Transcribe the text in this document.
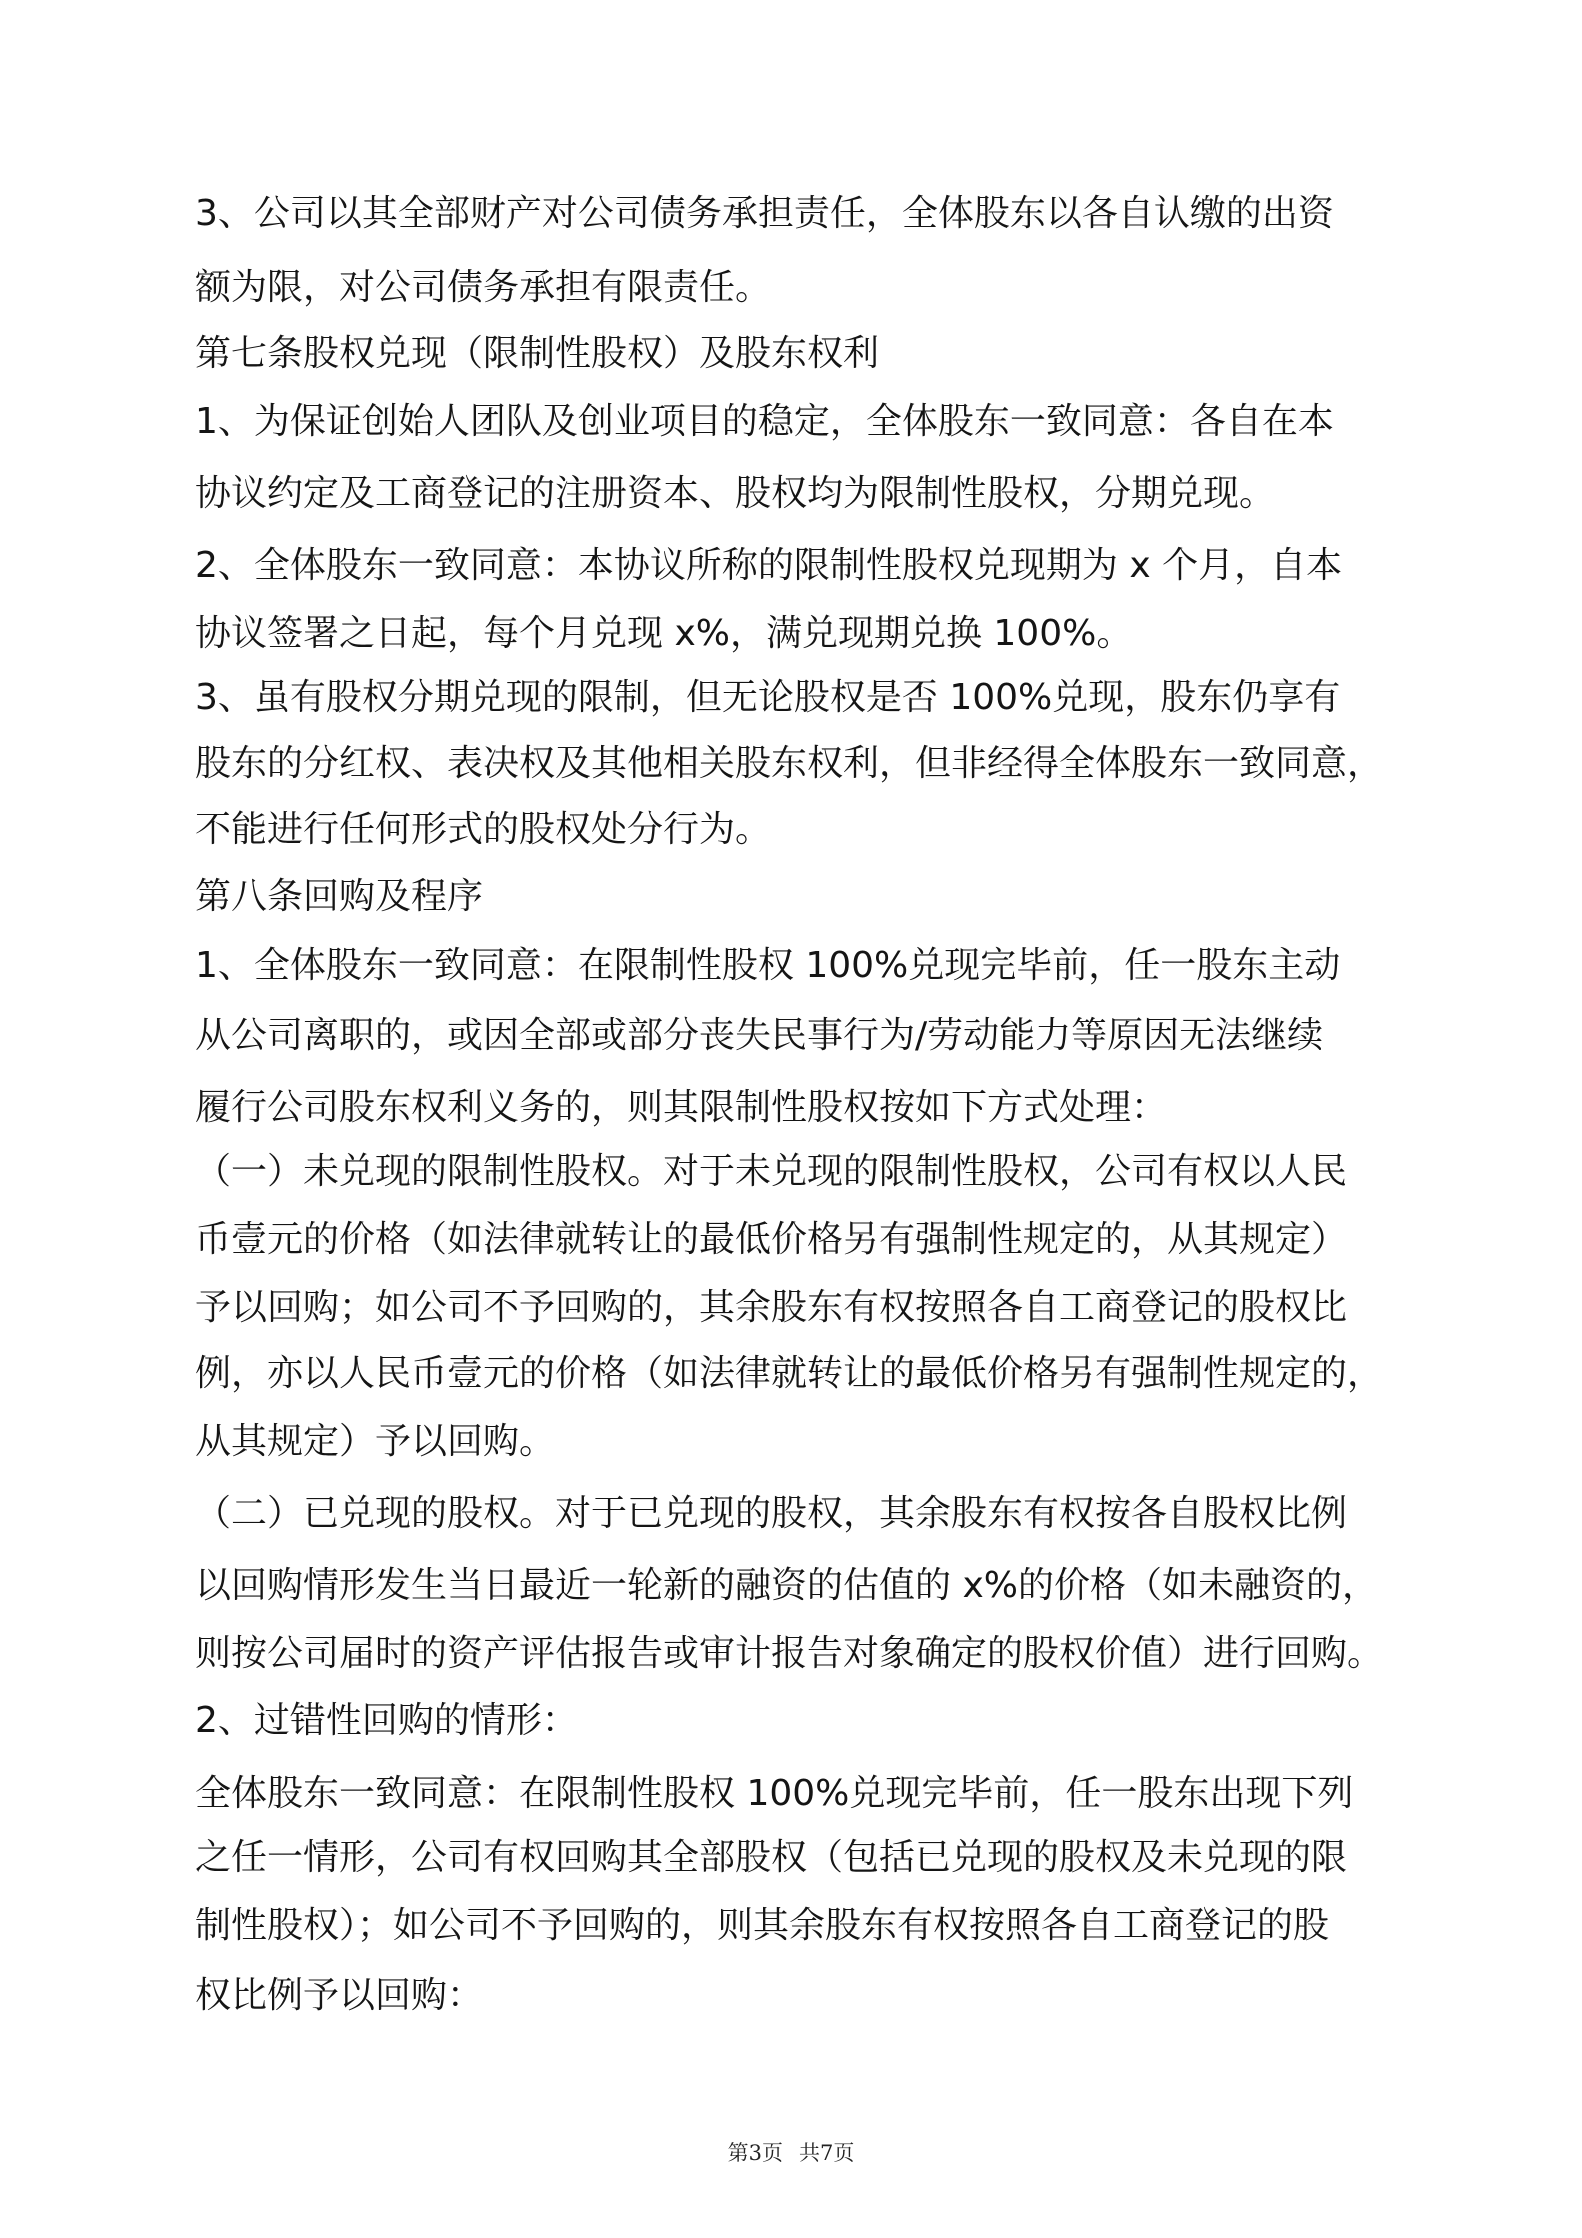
3、公司以其全部财产对公司债务承担责任，全体股东以各自认缴的出资
额为限，对公司债务承担有限责任。
第七条股权兑现（限制性股权）及股东权利
1、为保证创始人团队及创业项目的稳定，全体股东一致同意：各自在本
协议约定及工商登记的注册资本、股权均为限制性股权，分期兑现。
2、全体股东一致同意：本协议所称的限制性股权兑现期为 x 个月，自本
协议签署之日起，每个月兑现 x%，满兑现期兑换 100%。
3、虽有股权分期兑现的限制，但无论股权是否 100%兑现，股东仍享有
股东的分红权、表决权及其他相关股东权利，但非经得全体股东一致同意，
不能进行任何形式的股权处分行为。
第八条回购及程序
1、全体股东一致同意：在限制性股权 100%兑现完毕前，任一股东主动
从公司离职的，或因全部或部分丧失民事行为/劳动能力等原因无法继续
履行公司股东权利义务的，则其限制性股权按如下方式处理：
（一）未兑现的限制性股权。对于未兑现的限制性股权，公司有权以人民
币壹元的价格（如法律就转让的最低价格另有强制性规定的，从其规定）
予以回购；如公司不予回购的，其余股东有权按照各自工商登记的股权比
例，亦以人民币壹元的价格（如法律就转让的最低价格另有强制性规定的，
从其规定）予以回购。
（二）已兑现的股权。对于已兑现的股权，其余股东有权按各自股权比例
以回购情形发生当日最近一轮新的融资的估值的 x%的价格（如未融资的，
则按公司届时的资产评估报告或审计报告对象确定的股权价值）进行回购。
2、过错性回购的情形：
全体股东一致同意：在限制性股权 100%兑现完毕前，任一股东出现下列
之任一情形，公司有权回购其全部股权（包括已兑现的股权及未兑现的限
制性股权）；如公司不予回购的，则其余股东有权按照各自工商登记的股
权比例予以回购：
第3页 共7页
